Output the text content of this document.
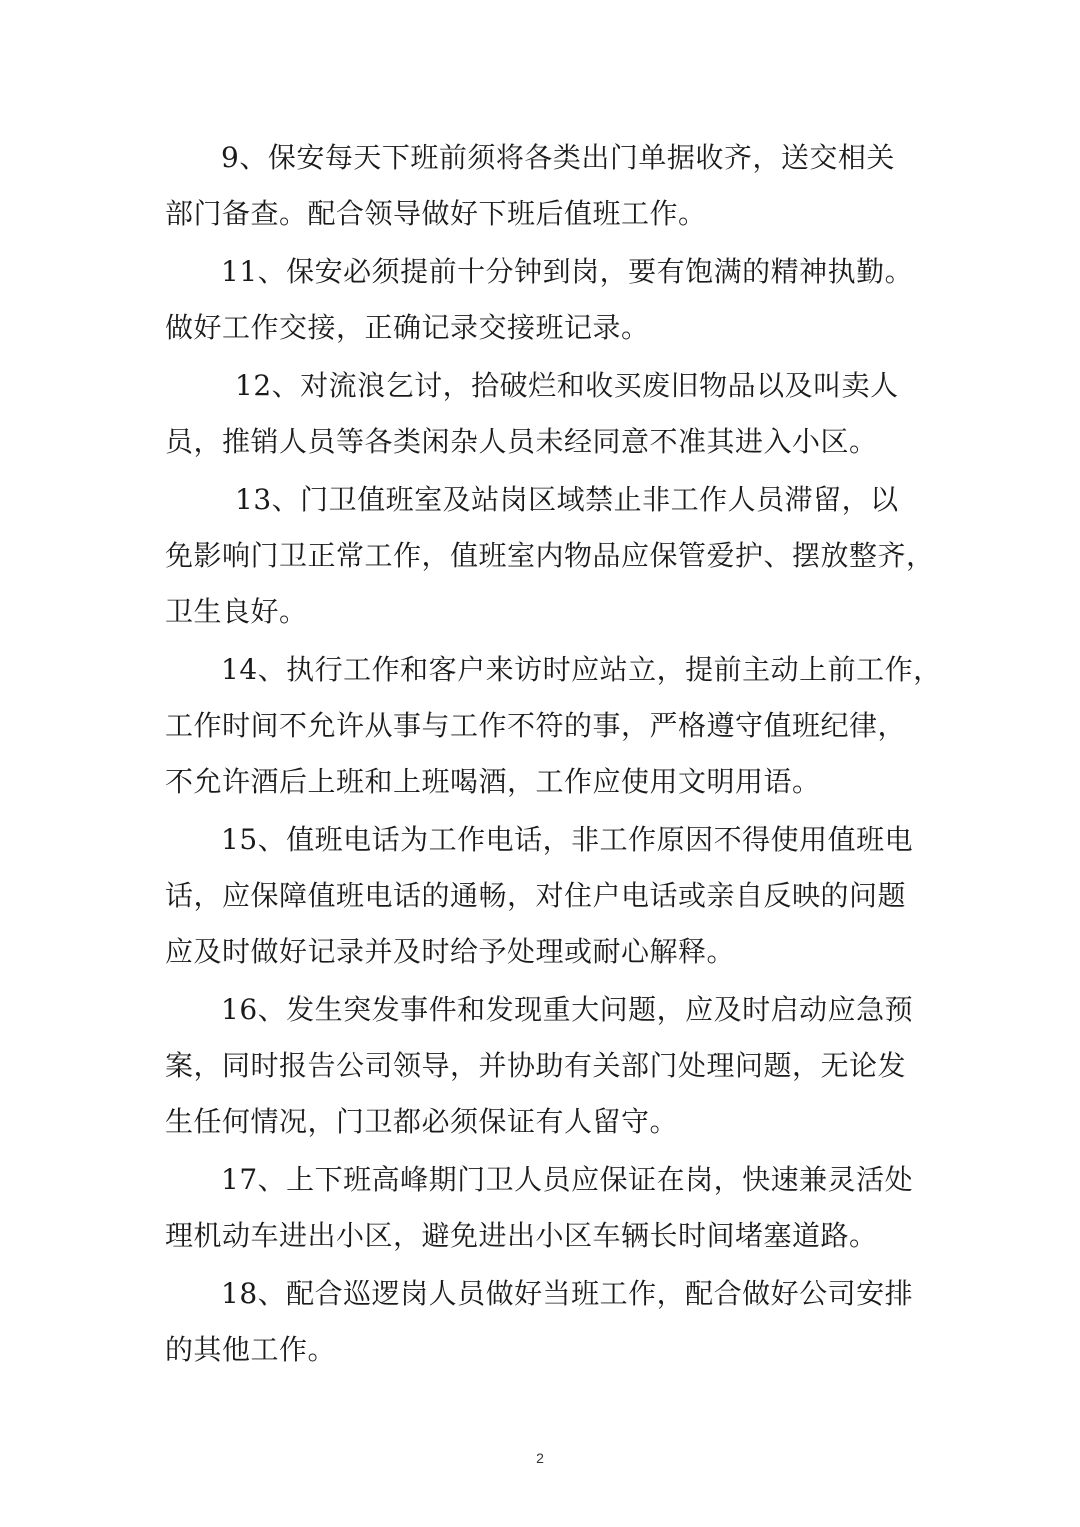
9、保安每天下班前须将各类出门单据收齐，送交相关
部门备查。配合领导做好下班后值班工作。
11、保安必须提前十分钟到岗，要有饱满的精神执勤。
做好工作交接，正确记录交接班记录。
12、对流浪乞讨，拾破烂和收买废旧物品以及叫卖人
员，推销人员等各类闲杂人员未经同意不准其进入小区。
13、门卫值班室及站岗区域禁止非工作人员滞留，以
免影响门卫正常工作，值班室内物品应保管爱护、摆放整齐，
卫生良好。
14、执行工作和客户来访时应站立，提前主动上前工作，
工作时间不允许从事与工作不符的事，严格遵守值班纪律，
不允许酒后上班和上班喝酒，工作应使用文明用语。
15、值班电话为工作电话，非工作原因不得使用值班电
话，应保障值班电话的通畅，对住户电话或亲自反映的问题
应及时做好记录并及时给予处理或耐心解释。
16、发生突发事件和发现重大问题，应及时启动应急预
案，同时报告公司领导，并协助有关部门处理问题，无论发
生任何情况，门卫都必须保证有人留守。
17、上下班高峰期门卫人员应保证在岗，快速兼灵活处
理机动车进出小区，避免进出小区车辆长时间堵塞道路。
18、配合巡逻岗人员做好当班工作，配合做好公司安排
的其他工作。
2
